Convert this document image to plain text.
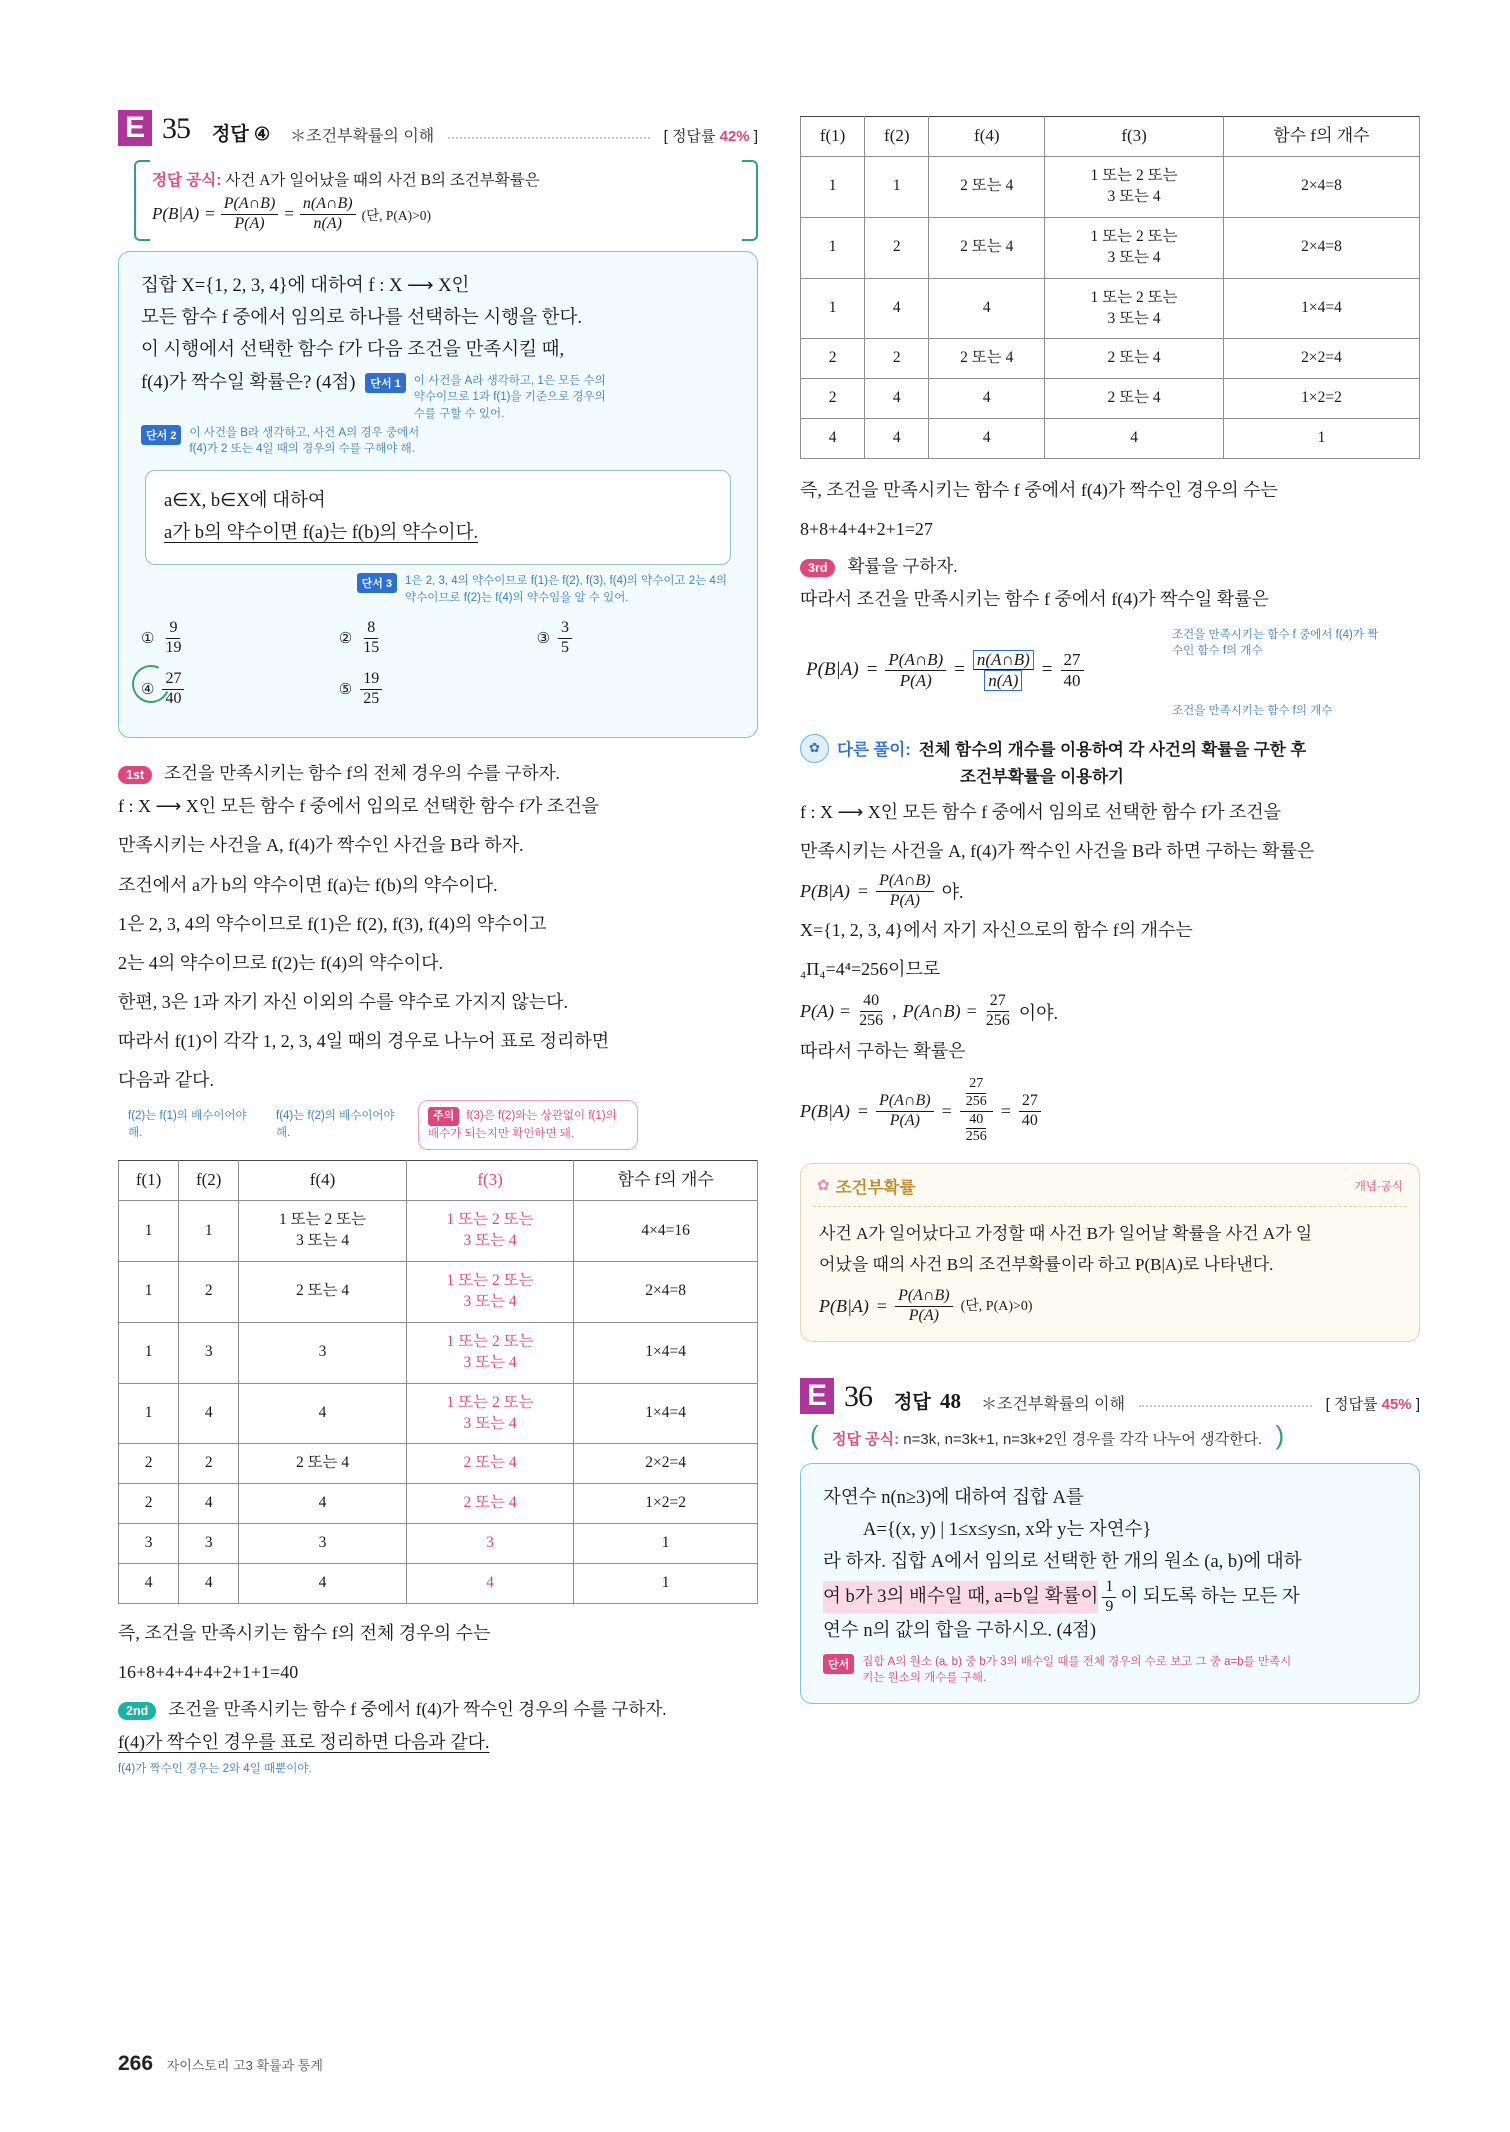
E 35 정답 ④ ＊조건부확률의 이해	[ 정답률 42% ]
정답 공식: 사건 A가 일어났을 때의 사건 B의 조건부확률은
$P(B|A) = \frac{P(A\cap B)}{P(A)} = \frac{n(A\cap B)}{n(A)}$ (단, P(A)>0)
집합 X={1, 2, 3, 4}에 대하여 f : X ⟶ X인
모든 함수 f 중에서 임의로 하나를 선택하는 시행을 한다.
이 시행에서 선택한 함수 f가 다음 조건을 만족시킬 때,
f(4)가 짝수일 확률은? (4점)	단서 1 이 사건을 A라 생각하고, 1은 모든 수의 약수이므로 1과 f(1)을 기준으로 경우의 수를 구할 수 있어.
단서 2 이 사건을 B라 생각하고, 사건 A의 경우 중에서 f(4)가 2 또는 4일 때의 경우의 수를 구해야 해.
a∈X, b∈X에 대하여
a가 b의 약수이면 f(a)는 f(b)의 약수이다.
단서 3 1은 2, 3, 4의 약수이므로 f(1)은 f(2), f(3), f(4)의 약수이고 2는 4의 약수이므로 f(2)는 f(4)의 약수임을 알 수 있어.
① $\frac{9}{19}$	② $\frac{8}{15}$	③ $\frac{3}{5}$
④ $\frac{27}{40}$	⑤ $\frac{19}{25}$
1st 조건을 만족시키는 함수 f의 전체 경우의 수를 구하자.
f : X ⟶ X인 모든 함수 f 중에서 임의로 선택한 함수 f가 조건을
만족시키는 사건을 A, f(4)가 짝수인 사건을 B라 하자.
조건에서 a가 b의 약수이면 f(a)는 f(b)의 약수이다.
1은 2, 3, 4의 약수이므로 f(1)은 f(2), f(3), f(4)의 약수이고
2는 4의 약수이므로 f(2)는 f(4)의 약수이다.
한편, 3은 1과 자기 자신 이외의 수를 약수로 가지지 않는다.
따라서 f(1)이 각각 1, 2, 3, 4일 때의 경우로 나누어 표로 정리하면
다음과 같다.
f(2)는 f(1)의 배수이어야 해.
f(4)는 f(2)의 배수이어야 해.
주의 f(3)은 f(2)와는 상관없이 f(1)의 배수가 되는지만 확인하면 돼.
f(1)	f(2)	f(4)	f(3)	함수 f의 개수
1	1	1 또는 2 또는
3 또는 4	1 또는 2 또는
3 또는 4	4×4=16
1	2	2 또는 4	1 또는 2 또는
3 또는 4	2×4=8
1	3	3	1 또는 2 또는
3 또는 4	1×4=4
1	4	4	1 또는 2 또는
3 또는 4	1×4=4
2	2	2 또는 4	2 또는 4	2×2=4
2	4	4	2 또는 4	1×2=2
3	3	3	3	1
4	4	4	4	1
즉, 조건을 만족시키는 함수 f의 전체 경우의 수는
16+8+4+4+4+2+1+1=40
2nd 조건을 만족시키는 함수 f 중에서 f(4)가 짝수인 경우의 수를 구하자.
f(4)가 짝수인 경우를 표로 정리하면 다음과 같다.
f(4)가 짝수인 경우는 2와 4일 때뿐이야.
f(1)	f(2)	f(4)	f(3)	함수 f의 개수
1	1	2 또는 4	1 또는 2 또는
3 또는 4	2×4=8
1	2	2 또는 4	1 또는 2 또는
3 또는 4	2×4=8
1	4	4	1 또는 2 또는
3 또는 4	1×4=4
2	2	2 또는 4	2 또는 4	2×2=4
2	4	4	2 또는 4	1×2=2
4	4	4	4	1
즉, 조건을 만족시키는 함수 f 중에서 f(4)가 짝수인 경우의 수는
8+8+4+4+2+1=27
3rd 확률을 구하자.
따라서 조건을 만족시키는 함수 f 중에서 f(4)가 짝수일 확률은
$P(B|A) = \frac{P(A\cap B)}{P(A)} = \frac{n(A\cap B)}{n(A)} = \frac{27}{40}$
조건을 만족시키는 함수 f 중에서 f(4)가 짝수인 함수 f의 개수
조건을 만족시키는 함수 f의 개수
✿	다른 풀이: 전체 함수의 개수를 이용하여 각 사건의 확률을 구한 후
조건부확률을 이용하기
f : X ⟶ X인 모든 함수 f 중에서 임의로 선택한 함수 f가 조건을
만족시키는 사건을 A, f(4)가 짝수인 사건을 B라 하면 구하는 확률은
$P(B|A) = \frac{P(A\cap B)}{P(A)}$ 야.
X={1, 2, 3, 4}에서 자기 자신으로의 함수 f의 개수는
₄Π₄=4⁴=256이므로
$P(A) = \frac{40}{256}$ , P(A∩B) = $\frac{27}{256}$ 이야.
따라서 구하는 확률은
$P(B|A) = \frac{P(A\cap B)}{P(A)} = \frac{\frac{27}{256}}{\frac{40}{256}} = \frac{27}{40}$
✿ 조건부확률	개념·공식
사건 A가 일어났다고 가정할 때 사건 B가 일어날 확률을 사건 A가 일
어났을 때의 사건 B의 조건부확률이라 하고 P(B|A)로 나타낸다.
$P(B|A) = \frac{P(A\cap B)}{P(A)}$ (단, P(A)>0)
E 36 정답 48 ＊조건부확률의 이해	[ 정답률 45% ]
( 정답 공식: n=3k, n=3k+1, n=3k+2인 경우를 각각 나누어 생각한다. )
자연수 n(n≥3)에 대하여 집합 A를
A={(x, y) | 1≤x≤y≤n, x와 y는 자연수}
라 하자. 집합 A에서 임의로 선택한 한 개의 원소 (a, b)에 대하
여 b가 3의 배수일 때, a=b일 확률이 $\frac{1}{9}$ 이 되도록 하는 모든 자
연수 n의 값의 합을 구하시오. (4점)
단서 집합 A의 원소 (a, b) 중 b가 3의 배수일 때를 전체 경우의 수로 보고 그 중 a=b를 만족시키는 원소의 개수를 구해.
266 자이스토리 고3 확률과 통계
